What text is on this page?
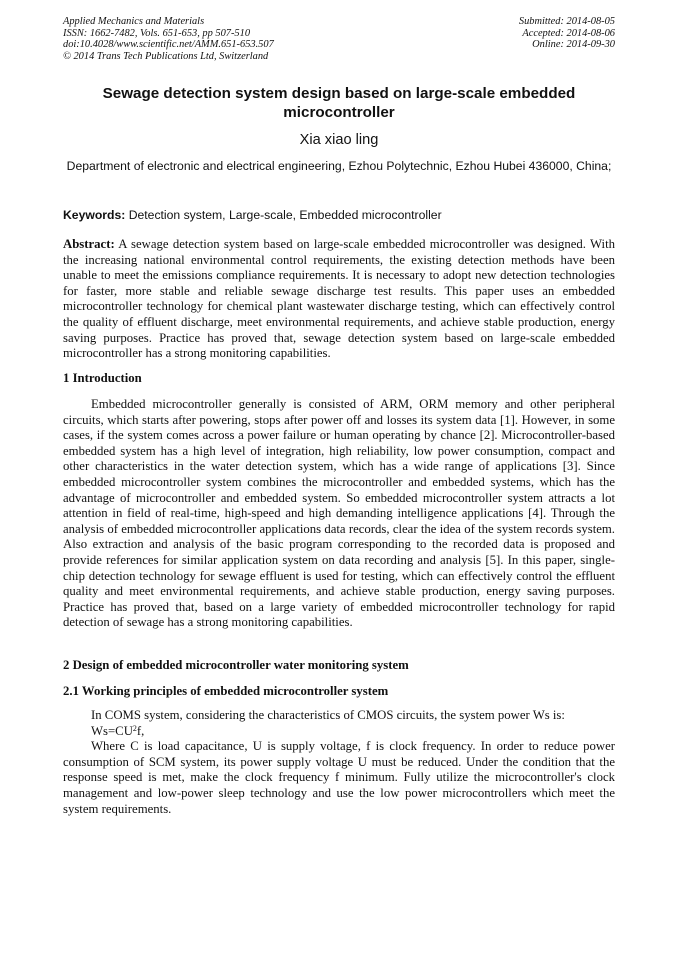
Applied Mechanics and Materials
ISSN: 1662-7482, Vols. 651-653, pp 507-510
doi:10.4028/www.scientific.net/AMM.651-653.507
© 2014 Trans Tech Publications Ltd, Switzerland
Submitted: 2014-08-05
Accepted: 2014-08-06
Online: 2014-09-30
Sewage detection system design based on large-scale embedded microcontroller
Xia xiao ling
Department of electronic and electrical engineering, Ezhou Polytechnic, Ezhou Hubei 436000, China;
Keywords: Detection system, Large-scale, Embedded microcontroller

Abstract: A sewage detection system based on large-scale embedded microcontroller was designed. With the increasing national environmental control requirements, the existing detection methods have been unable to meet the emissions compliance requirements. It is necessary to adopt new detection technologies for faster, more stable and reliable sewage discharge test results. This paper uses an embedded microcontroller technology for chemical plant wastewater discharge testing, which can effectively control the quality of effluent discharge, meet environmental requirements, and achieve stable production, energy saving purposes. Practice has proved that, sewage detection system based on large-scale embedded microcontroller has a strong monitoring capabilities.

1 Introduction

Embedded microcontroller generally is consisted of ARM, ORM memory and other peripheral circuits, which starts after powering, stops after power off and losses its system data [1]. However, in some cases, if the system comes across a power failure or human operating by chance [2]. Microcontroller-based embedded system has a high level of integration, high reliability, low power consumption, compact and other characteristics in the water detection system, which has a wide range of applications [3]. Since embedded microcontroller system combines the microcontroller and embedded systems, which has the advantage of microcontroller and embedded system. So embedded microcontroller system attracts a lot attention in field of real-time, high-speed and high demanding intelligence applications [4]. Through the analysis of embedded microcontroller applications data records, clear the idea of the system records system. Also extraction and analysis of the basic program corresponding to the recorded data is proposed and provide references for similar application system on data recording and analysis [5]. In this paper, single-chip detection technology for sewage effluent is used for testing, which can effectively control the effluent quality and meet environmental requirements, and achieve stable production, energy saving purposes. Practice has proved that, based on a large variety of embedded microcontroller technology for rapid detection of sewage has a strong monitoring capabilities.

2 Design of embedded microcontroller water monitoring system
2.1 Working principles of embedded microcontroller system

In COMS system, considering the characteristics of CMOS circuits, the system power Ws is:

$Ws=CU^2f$,

Where C is load capacitance, U is supply voltage, f is clock frequency. In order to reduce power consumption of SCM system, its power supply voltage U must be reduced. Under the condition that the response speed is met, make the clock frequency f minimum. Fully utilize the microcontroller's clock management and low-power sleep technology and use the low power microcontrollers which meet the system requirements.
